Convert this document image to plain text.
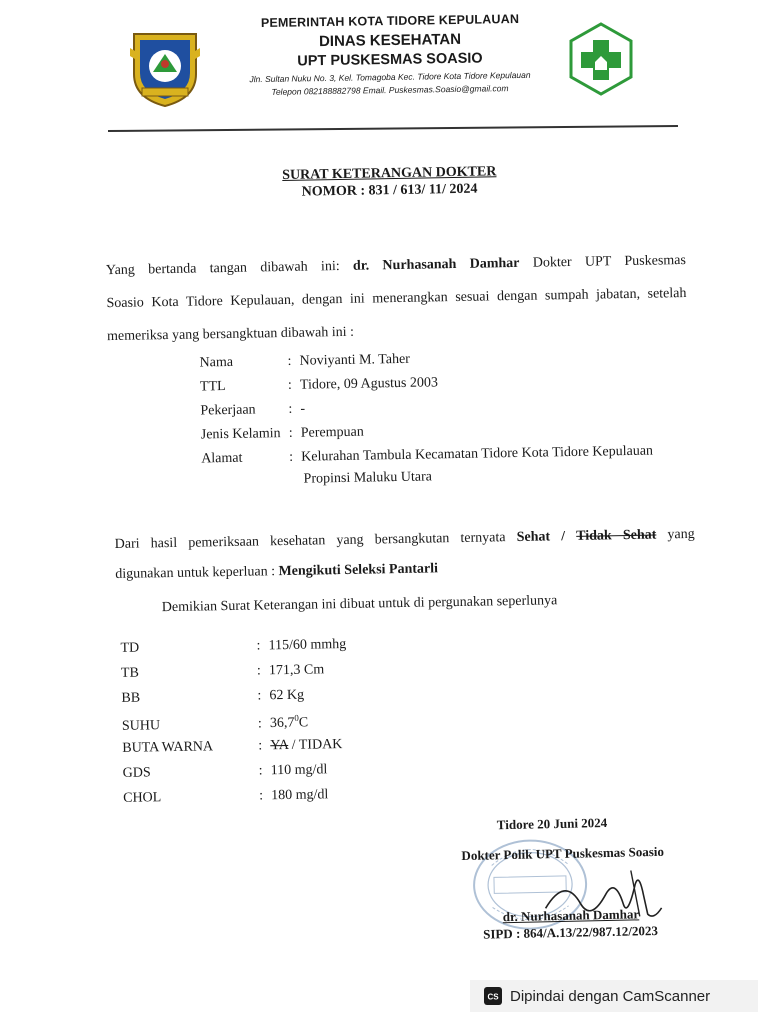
PEMERINTAH KOTA TIDORE KEPULAUAN
DINAS KESEHATAN
UPT PUSKESMAS SOASIO
Jln. Sultan Nuku No. 3, Kel. Tomagoba Kec. Tidore Kota Tidore Kepulauan
Telepon 082188882798 Email. Puskesmas.Soasio@gmail.com
SURAT KETERANGAN DOKTER
NOMOR : 831 / 613/ 11/ 2024
Yang bertanda tangan dibawah ini: dr. Nurhasanah Damhar Dokter UPT Puskesmas
Soasio Kota Tidore Kepulauan, dengan ini menerangkan sesuai dengan sumpah jabatan, setelah
memeriksa yang bersangktuan dibawah ini :
Nama	: Noviyanti M. Taher
TTL	: Tidore, 09 Agustus 2003
Pekerjaan : -
Jenis Kelamin : Perempuan
Alamat	: Kelurahan Tambula Kecamatan Tidore Kota Tidore Kepulauan
Propinsi Maluku Utara
Dari hasil pemeriksaan kesehatan yang bersangkutan ternyata Sehat / Tidak Sehat yang
digunakan untuk keperluan : Mengikuti Seleksi Pantarli
Demikian Surat Keterangan ini dibuat untuk di pergunakan seperlunya
TD	: 115/60 mmhg
TB	: 171,3 Cm
BB	: 62 Kg
SUHU	: 36,7$^0$C
BUTA WARNA	: YA / TIDAK
GDS	: 110 mg/dl
CHOL	: 180 mg/dl
Tidore 20 Juni 2024
Dokter Polik UPT Puskesmas Soasio
dr. Nurhasanah Damhar
SIPD : 864/A.13/22/987.12/2023
CS Dipindai dengan CamScanner
